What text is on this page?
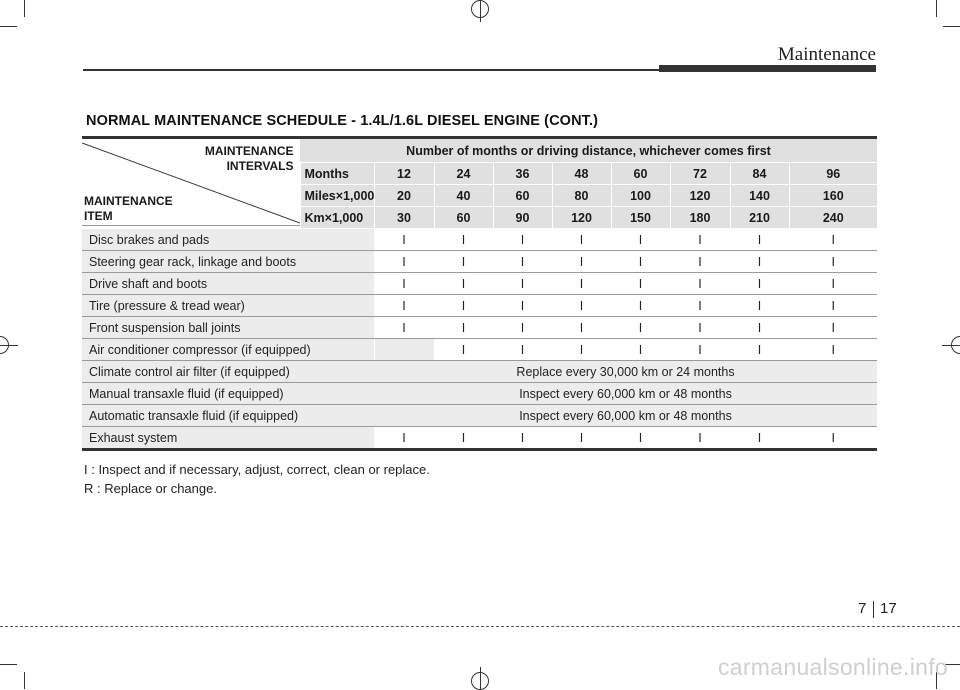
Maintenance
NORMAL MAINTENANCE SCHEDULE - 1.4L/1.6L DIESEL ENGINE (CONT.)
MAINTENANCE
INTERVALS
MAINTENANCE
ITEM	Number of months or driving distance, whichever comes first								
	Months	12	24	36	48	60	72	84	96
	Miles×1,000	20	40	60	80	100	120	140	160
	Km×1,000	30	60	90	120	150	180	210	240
Disc brakes and pads		I	I	I	I	I	I	I	I
Steering gear rack, linkage and boots		I	I	I	I	I	I	I	I
Drive shaft and boots		I	I	I	I	I	I	I	I
Tire (pressure & tread wear)		I	I	I	I	I	I	I	I
Front suspension ball joints		I	I	I	I	I	I	I	I
Air conditioner compressor (if equipped)			I	I	I	I	I	I	I
Climate control air filter (if equipped)		Replace every 30,000 km or 24 months							
Manual transaxle fluid (if equipped)		Inspect every 60,000 km or 48 months							
Automatic transaxle fluid (if equipped)		Inspect every 60,000 km or 48 months							
Exhaust system		I	I	I	I	I	I	I	I
I : Inspect and if necessary, adjust, correct, clean or replace.
R : Replace or change.
7 17
carmanualsonline.info
